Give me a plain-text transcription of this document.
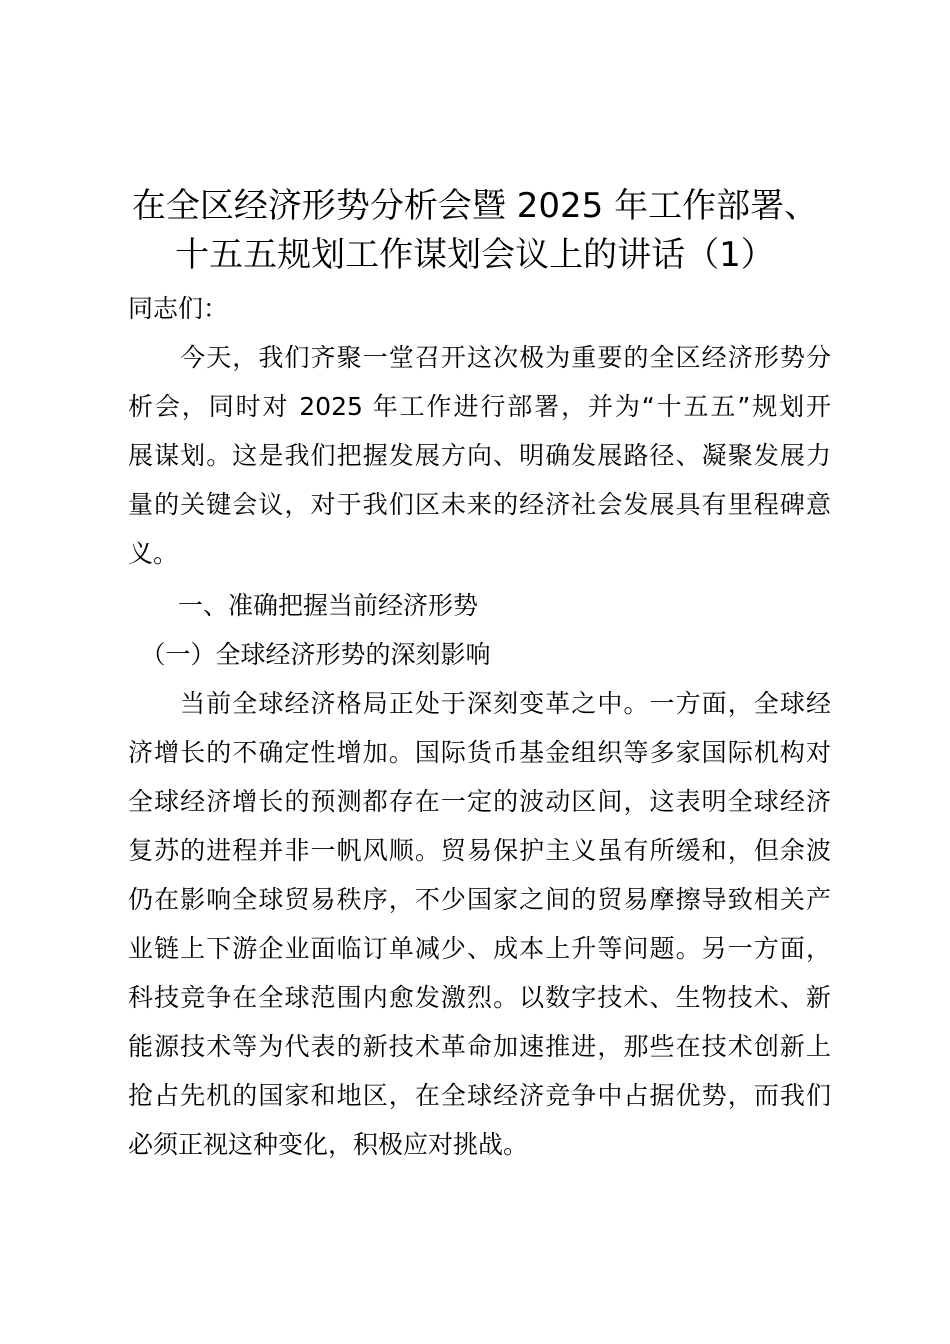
在全区经济形势分析会暨 2025 年工作部署、
十五五规划工作谋划会议上的讲话（1）

同志们：

　　今天，我们齐聚一堂召开这次极为重要的全区经济形势分

析会，同时对 2025 年工作进行部署，并为“十五五”规划开

展谋划。这是我们把握发展方向、明确发展路径、凝聚发展力

量的关键会议，对于我们区未来的经济社会发展具有里程碑意

义。

　　一、准确把握当前经济形势

　（一）全球经济形势的深刻影响

　　当前全球经济格局正处于深刻变革之中。一方面，全球经

济增长的不确定性增加。国际货币基金组织等多家国际机构对

全球经济增长的预测都存在一定的波动区间，这表明全球经济

复苏的进程并非一帆风顺。贸易保护主义虽有所缓和，但余波

仍在影响全球贸易秩序，不少国家之间的贸易摩擦导致相关产

业链上下游企业面临订单减少、成本上升等问题。另一方面，

科技竞争在全球范围内愈发激烈。以数字技术、生物技术、新

能源技术等为代表的新技术革命加速推进，那些在技术创新上

抢占先机的国家和地区，在全球经济竞争中占据优势，而我们

必须正视这种变化，积极应对挑战。
